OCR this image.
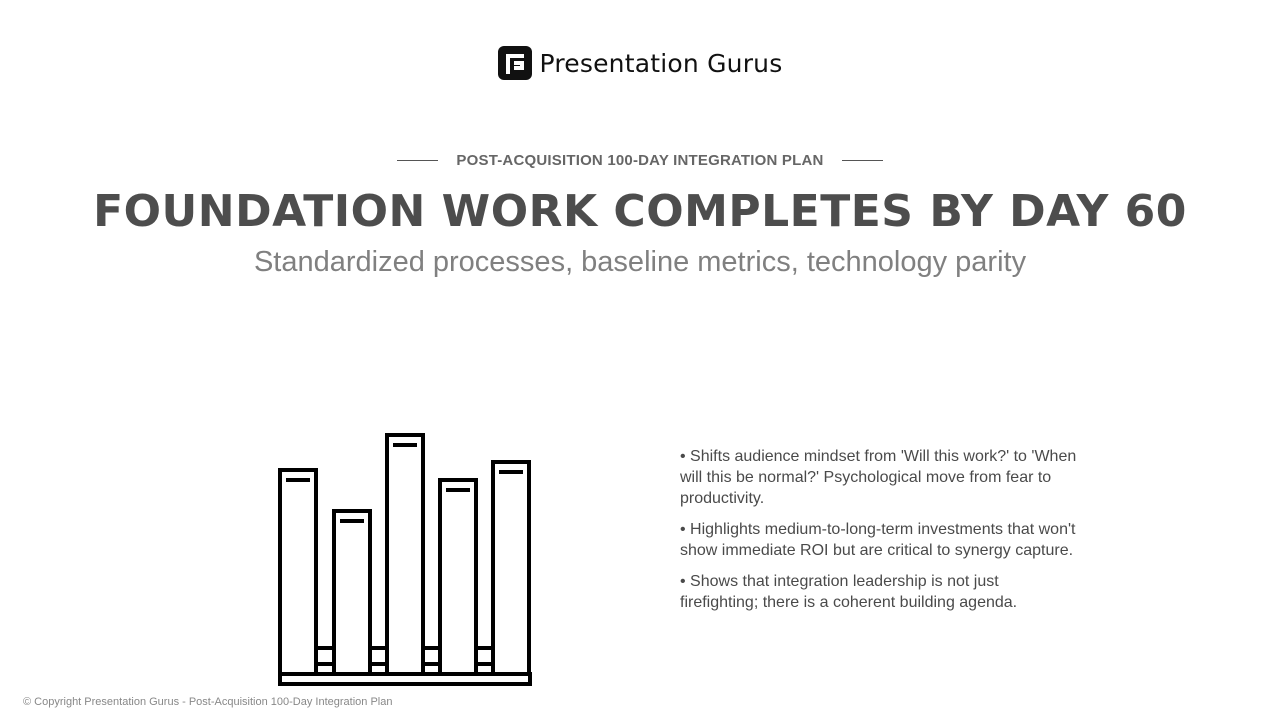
Presentation Gurus
POST-ACQUISITION 100-DAY INTEGRATION PLAN
FOUNDATION WORK COMPLETES BY DAY 60
Standardized processes, baseline metrics, technology parity

• Shifts audience mindset from 'Will this work?' to 'When will this be normal?' Psychological move from fear to productivity.

• Highlights medium-to-long-term investments that won't show immediate ROI but are critical to synergy capture.

• Shows that integration leadership is not just firefighting; there is a coherent building agenda.

© Copyright Presentation Gurus - Post-Acquisition 100-Day Integration Plan
